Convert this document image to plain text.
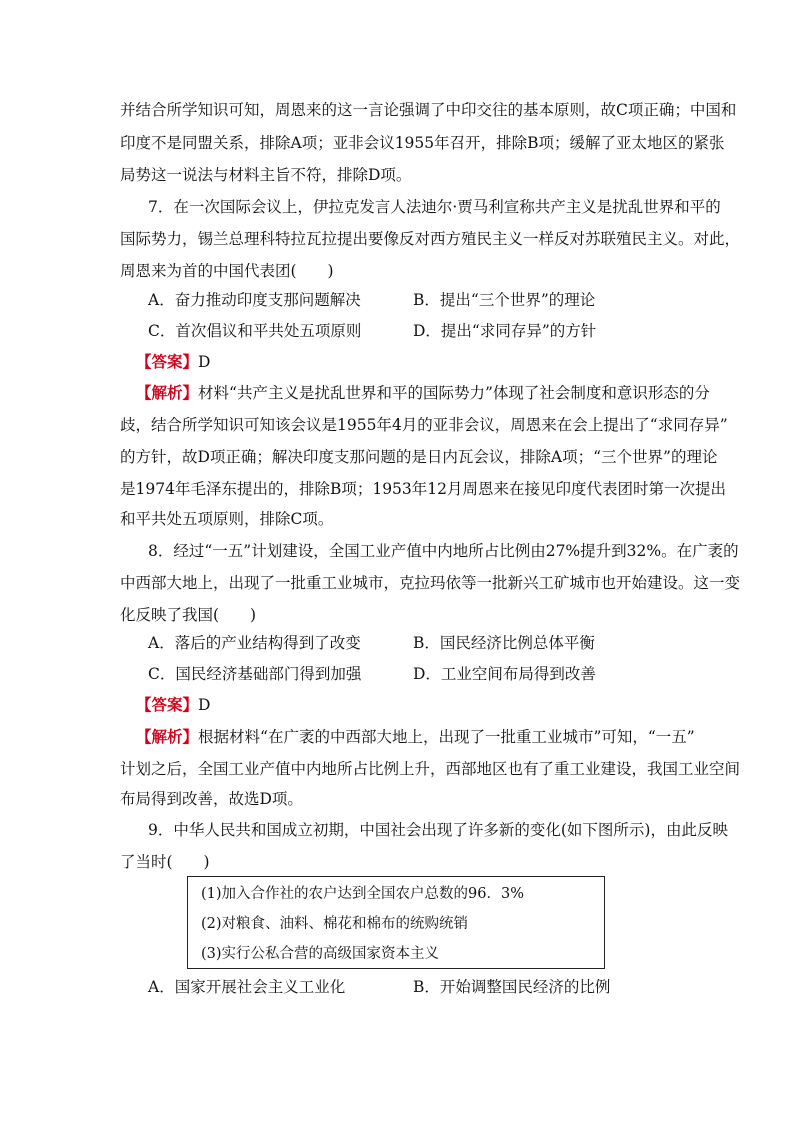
并结合所学知识可知，周恩来的这一言论强调了中印交往的基本原则，故C项正确；中国和
印度不是同盟关系，排除A项；亚非会议1955年召开，排除B项；缓解了亚太地区的紧张
局势这一说法与材料主旨不符，排除D项。
7．在一次国际会议上，伊拉克发言人法迪尔·贾马利宣称共产主义是扰乱世界和平的
国际势力，锡兰总理科特拉瓦拉提出要像反对西方殖民主义一样反对苏联殖民主义。对此，
周恩来为首的中国代表团(　　)
A．奋力推动印度支那问题解决	B．提出“三个世界”的理论
C．首次倡议和平共处五项原则	D．提出“求同存异”的方针
【答案】D
【解析】材料“共产主义是扰乱世界和平的国际势力”体现了社会制度和意识形态的分
歧，结合所学知识可知该会议是1955年4月的亚非会议，周恩来在会上提出了“求同存异”
的方针，故D项正确；解决印度支那问题的是日内瓦会议，排除A项；“三个世界”的理论
是1974年毛泽东提出的，排除B项；1953年12月周恩来在接见印度代表团时第一次提出
和平共处五项原则，排除C项。
8．经过“一五”计划建设，全国工业产值中内地所占比例由27%提升到32%。在广袤的
中西部大地上，出现了一批重工业城市，克拉玛依等一批新兴工矿城市也开始建设。这一变
化反映了我国(　　)
A．落后的产业结构得到了改变	B．国民经济比例总体平衡
C．国民经济基础部门得到加强	D．工业空间布局得到改善
【答案】D
【解析】根据材料“在广袤的中西部大地上，出现了一批重工业城市”可知，“一五”
计划之后，全国工业产值中内地所占比例上升，西部地区也有了重工业建设，我国工业空间
布局得到改善，故选D项。
9．中华人民共和国成立初期，中国社会出现了许多新的变化(如下图所示)，由此反映
了当时(　　)
(1)加入合作社的农户达到全国农户总数的96．3%
(2)对粮食、油料、棉花和棉布的统购统销
(3)实行公私合营的高级国家资本主义
A．国家开展社会主义工业化	B．开始调整国民经济的比例
